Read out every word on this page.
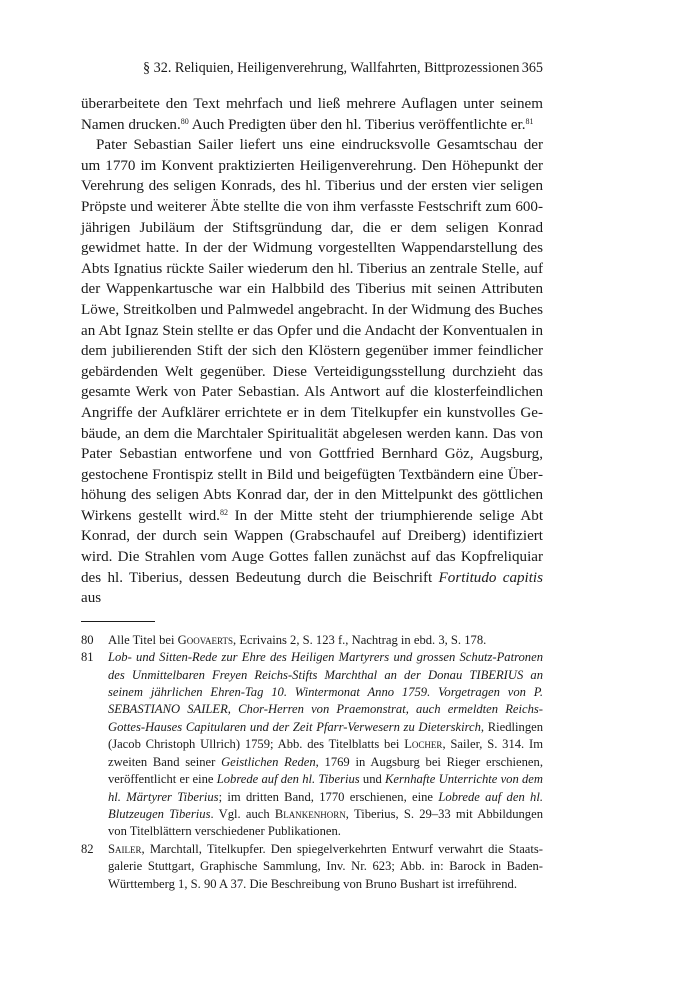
§ 32. Reliquien, Heiligenverehrung, Wallfahrten, Bittprozessionen 365

überarbeitete den Text mehrfach und ließ mehrere Auflagen unter seinem Namen drucken.$^{80}$ Auch Predigten über den hl. Tiberius veröffentlichte er.$^{81}$

Pater Sebastian Sailer liefert uns eine eindrucksvolle Gesamtschau der um 1770 im Konvent praktizierten Heiligenverehrung. Den Höhepunkt der Verehrung des seligen Konrads, des hl. Tiberius und der ersten vier seligen Pröpste und weiterer Äbte stellte die von ihm verfasste Festschrift zum 600-jährigen Jubiläum der Stiftsgründung dar, die er dem seligen Konrad gewidmet hatte. In der der Widmung vorgestellten Wappendarstellung des Abts Ignatius rückte Sailer wiederum den hl. Tiberius an zentrale Stelle, auf der Wappenkartusche war ein Halbbild des Tiberius mit seinen Attributen Löwe, Streitkolben und Palmwedel angebracht. In der Widmung des Buches an Abt Ignaz Stein stellte er das Opfer und die Andacht der Konventualen in dem jubilierenden Stift der sich den Klöstern gegenüber immer feindlicher gebärdenden Welt gegenüber. Diese Verteidigungsstellung durchzieht das gesamte Werk von Pater Sebastian. Als Antwort auf die klosterfeindlichen Angriffe der Aufklärer errichtete er in dem Titelkupfer ein kunstvolles Gebäude, an dem die Marchtaler Spiritualität abgelesen werden kann. Das von Pater Sebastian entworfene und von Gottfried Bernhard Göz, Augsburg, gestochene Frontispiz stellt in Bild und beigefügten Textbändern eine Überhöhung des seligen Abts Konrad dar, der in den Mittelpunkt des göttlichen Wirkens gestellt wird.$^{82}$ In der Mitte steht der triumphierende selige Abt Konrad, der durch sein Wappen (Grabschaufel auf Dreiberg) identifiziert wird. Die Strahlen vom Auge Gottes fallen zunächst auf das Kopfreliquiar des hl. Tiberius, dessen Bedeutung durch die Beischrift Fortitudo capitis aus

80 Alle Titel bei Goovaerts, Ecrivains 2, S. 123 f., Nachtrag in ebd. 3, S. 178.
81 Lob- und Sitten-Rede zur Ehre des Heiligen Martyrers und grossen Schutz-Patronen des Unmittelbaren Freyen Reichs-Stifts Marchthal an der Donau TIBERIUS an seinem jährlichen Ehren-Tag 10. Wintermonat Anno 1759. Vorgetragen von P. SEBASTIANO SAILER, Chor-Herren von Praemonstrat, auch ermeldten Reichs-Gottes-Hauses Capitularen und der Zeit Pfarr-Verwesern zu Dieterskirch, Riedlingen (Jacob Christoph Ullrich) 1759; Abb. des Titelblatts bei Locher, Sailer, S. 314. Im zweiten Band seiner Geistlichen Reden, 1769 in Augsburg bei Rieger erschienen, veröffentlicht er eine Lobrede auf den hl. Tiberius und Kernhafte Unterrichte von dem hl. Märtyrer Tiberius; im dritten Band, 1770 erschienen, eine Lobrede auf den hl. Blutzeugen Tiberius. Vgl. auch Blankenhorn, Tiberius, S. 29–33 mit Abbildungen von Titelblättern verschiedener Publikationen.
82 Sailer, Marchtall, Titelkupfer. Den spiegelverkehrten Entwurf verwahrt die Staatsgalerie Stuttgart, Graphische Sammlung, Inv. Nr. 623; Abb. in: Barock in Baden-Württemberg 1, S. 90 A 37. Die Beschreibung von Bruno Bushart ist irreführend.
